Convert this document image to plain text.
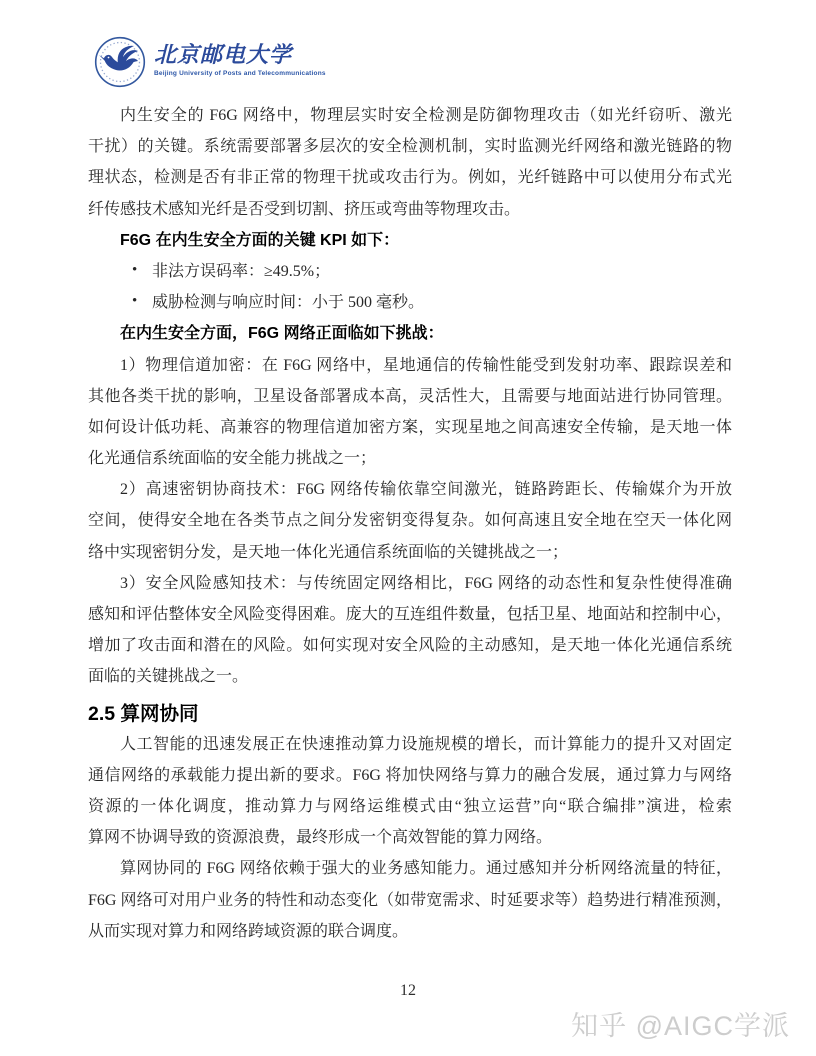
北京邮电大学
Beijing University of Posts and Telecommunications
内生安全的 F6G 网络中，物理层实时安全检测是防御物理攻击（如光纤窃听、激光
干扰）的关键。系统需要部署多层次的安全检测机制，实时监测光纤网络和激光链路的物
理状态，检测是否有非正常的物理干扰或攻击行为。例如，光纤链路中可以使用分布式光
纤传感技术感知光纤是否受到切割、挤压或弯曲等物理攻击。
F6G 在内生安全方面的关键 KPI 如下：
• 非法方误码率：≥49.5%；
• 威胁检测与响应时间：小于 500 毫秒。
在内生安全方面，F6G 网络正面临如下挑战：
1）物理信道加密：在 F6G 网络中，星地通信的传输性能受到发射功率、跟踪误差和
其他各类干扰的影响，卫星设备部署成本高，灵活性大，且需要与地面站进行协同管理。
如何设计低功耗、高兼容的物理信道加密方案，实现星地之间高速安全传输，是天地一体
化光通信系统面临的安全能力挑战之一；
2）高速密钥协商技术：F6G 网络传输依靠空间激光，链路跨距长、传输媒介为开放
空间，使得安全地在各类节点之间分发密钥变得复杂。如何高速且安全地在空天一体化网
络中实现密钥分发，是天地一体化光通信系统面临的关键挑战之一；
3）安全风险感知技术：与传统固定网络相比，F6G 网络的动态性和复杂性使得准确
感知和评估整体安全风险变得困难。庞大的互连组件数量，包括卫星、地面站和控制中心，
增加了攻击面和潜在的风险。如何实现对安全风险的主动感知，是天地一体化光通信系统
面临的关键挑战之一。
2.5 算网协同
人工智能的迅速发展正在快速推动算力设施规模的增长，而计算能力的提升又对固定
通信网络的承载能力提出新的要求。F6G 将加快网络与算力的融合发展，通过算力与网络
资源的一体化调度，推动算力与网络运维模式由“独立运营”向“联合编排”演进，检索
算网不协调导致的资源浪费，最终形成一个高效智能的算力网络。
算网协同的 F6G 网络依赖于强大的业务感知能力。通过感知并分析网络流量的特征，
F6G 网络可对用户业务的特性和动态变化（如带宽需求、时延要求等）趋势进行精准预测，
从而实现对算力和网络跨域资源的联合调度。
12
知乎 @AIGC学派
